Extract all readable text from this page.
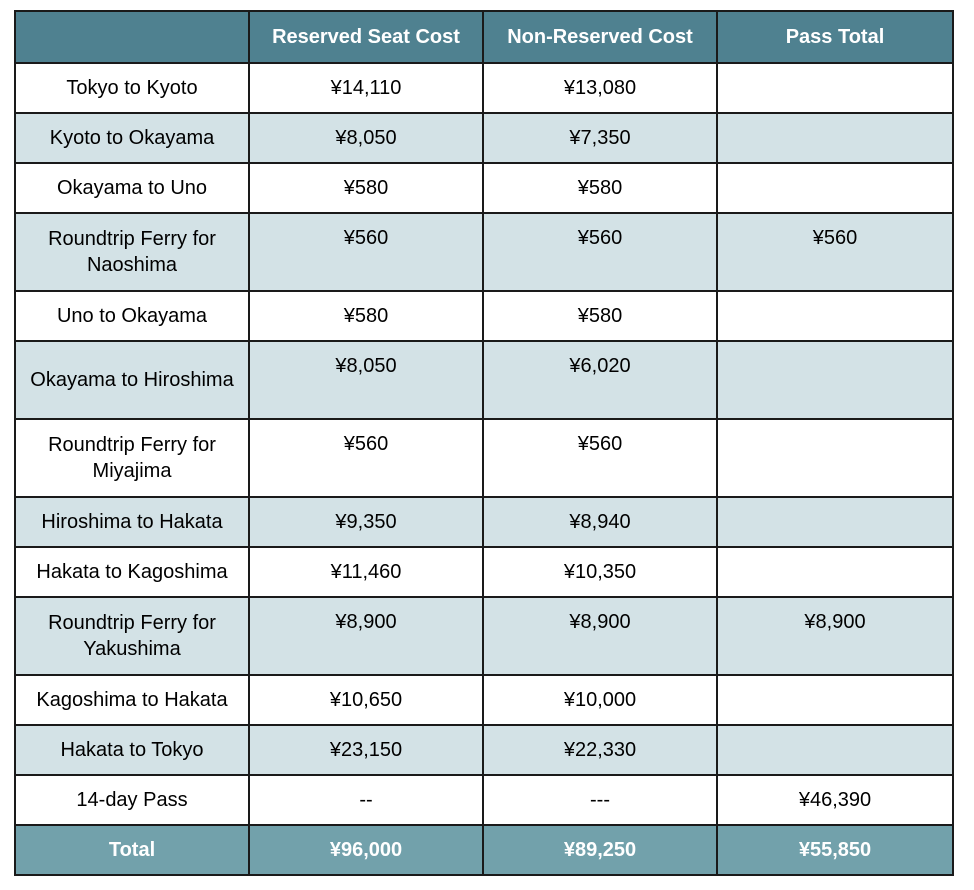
	Reserved Seat Cost	Non-Reserved Cost	Pass Total
Tokyo to Kyoto	¥14,110	¥13,080	
Kyoto to Okayama	¥8,050	¥7,350	
Okayama to Uno	¥580	¥580	
Roundtrip Ferry for Naoshima	¥560	¥560	¥560
Uno to Okayama	¥580	¥580	
Okayama to Hiroshima	¥8,050	¥6,020	
Roundtrip Ferry for Miyajima	¥560	¥560	
Hiroshima to Hakata	¥9,350	¥8,940	
Hakata to Kagoshima	¥11,460	¥10,350	
Roundtrip Ferry for Yakushima	¥8,900	¥8,900	¥8,900
Kagoshima to Hakata	¥10,650	¥10,000	
Hakata to Tokyo	¥23,150	¥22,330	
14-day Pass	--	---	¥46,390
Total	¥96,000	¥89,250	¥55,850
